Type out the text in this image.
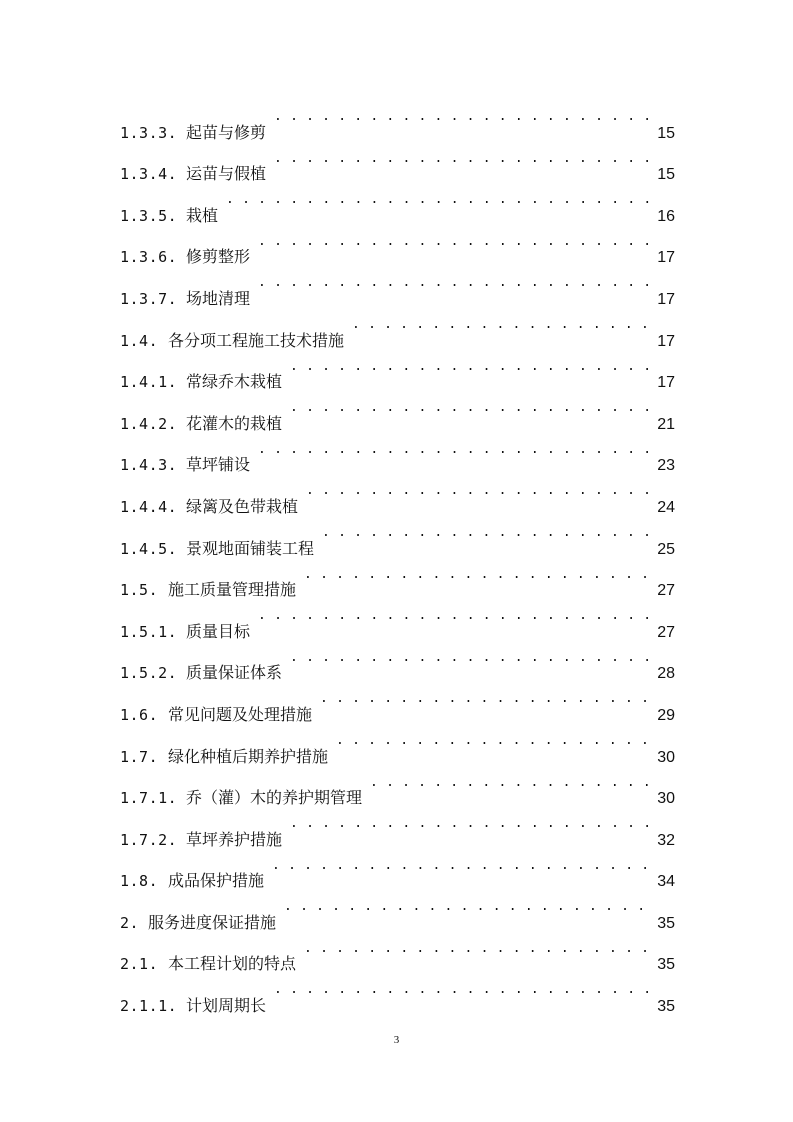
1.3.3. 起苗与修剪 . . .	15
1.3.4. 运苗与假植 . . .	15
1.3.5. 栽植 . . .	16
1.3.6. 修剪整形 . . .	17
1.3.7. 场地清理 . . .	17
1.4. 各分项工程施工技术措施 . . .	17
1.4.1. 常绿乔木栽植 . . .	17
1.4.2. 花灌木的栽植 . . .	21
1.4.3. 草坪铺设 . . .	23
1.4.4. 绿篱及色带栽植 . . .	24
1.4.5. 景观地面铺装工程 . . .	25
1.5. 施工质量管理措施 . . .	27
1.5.1. 质量目标 . . .	27
1.5.2. 质量保证体系 . . .	28
1.6. 常见问题及处理措施 . . .	29
1.7. 绿化种植后期养护措施 . . .	30
1.7.1. 乔（灌）木的养护期管理 . . .	30
1.7.2. 草坪养护措施 . . .	32
1.8. 成品保护措施 . . .	34
2. 服务进度保证措施 . . .	35
2.1. 本工程计划的特点 . . .	35
2.1.1. 计划周期长 . . .	35
3
